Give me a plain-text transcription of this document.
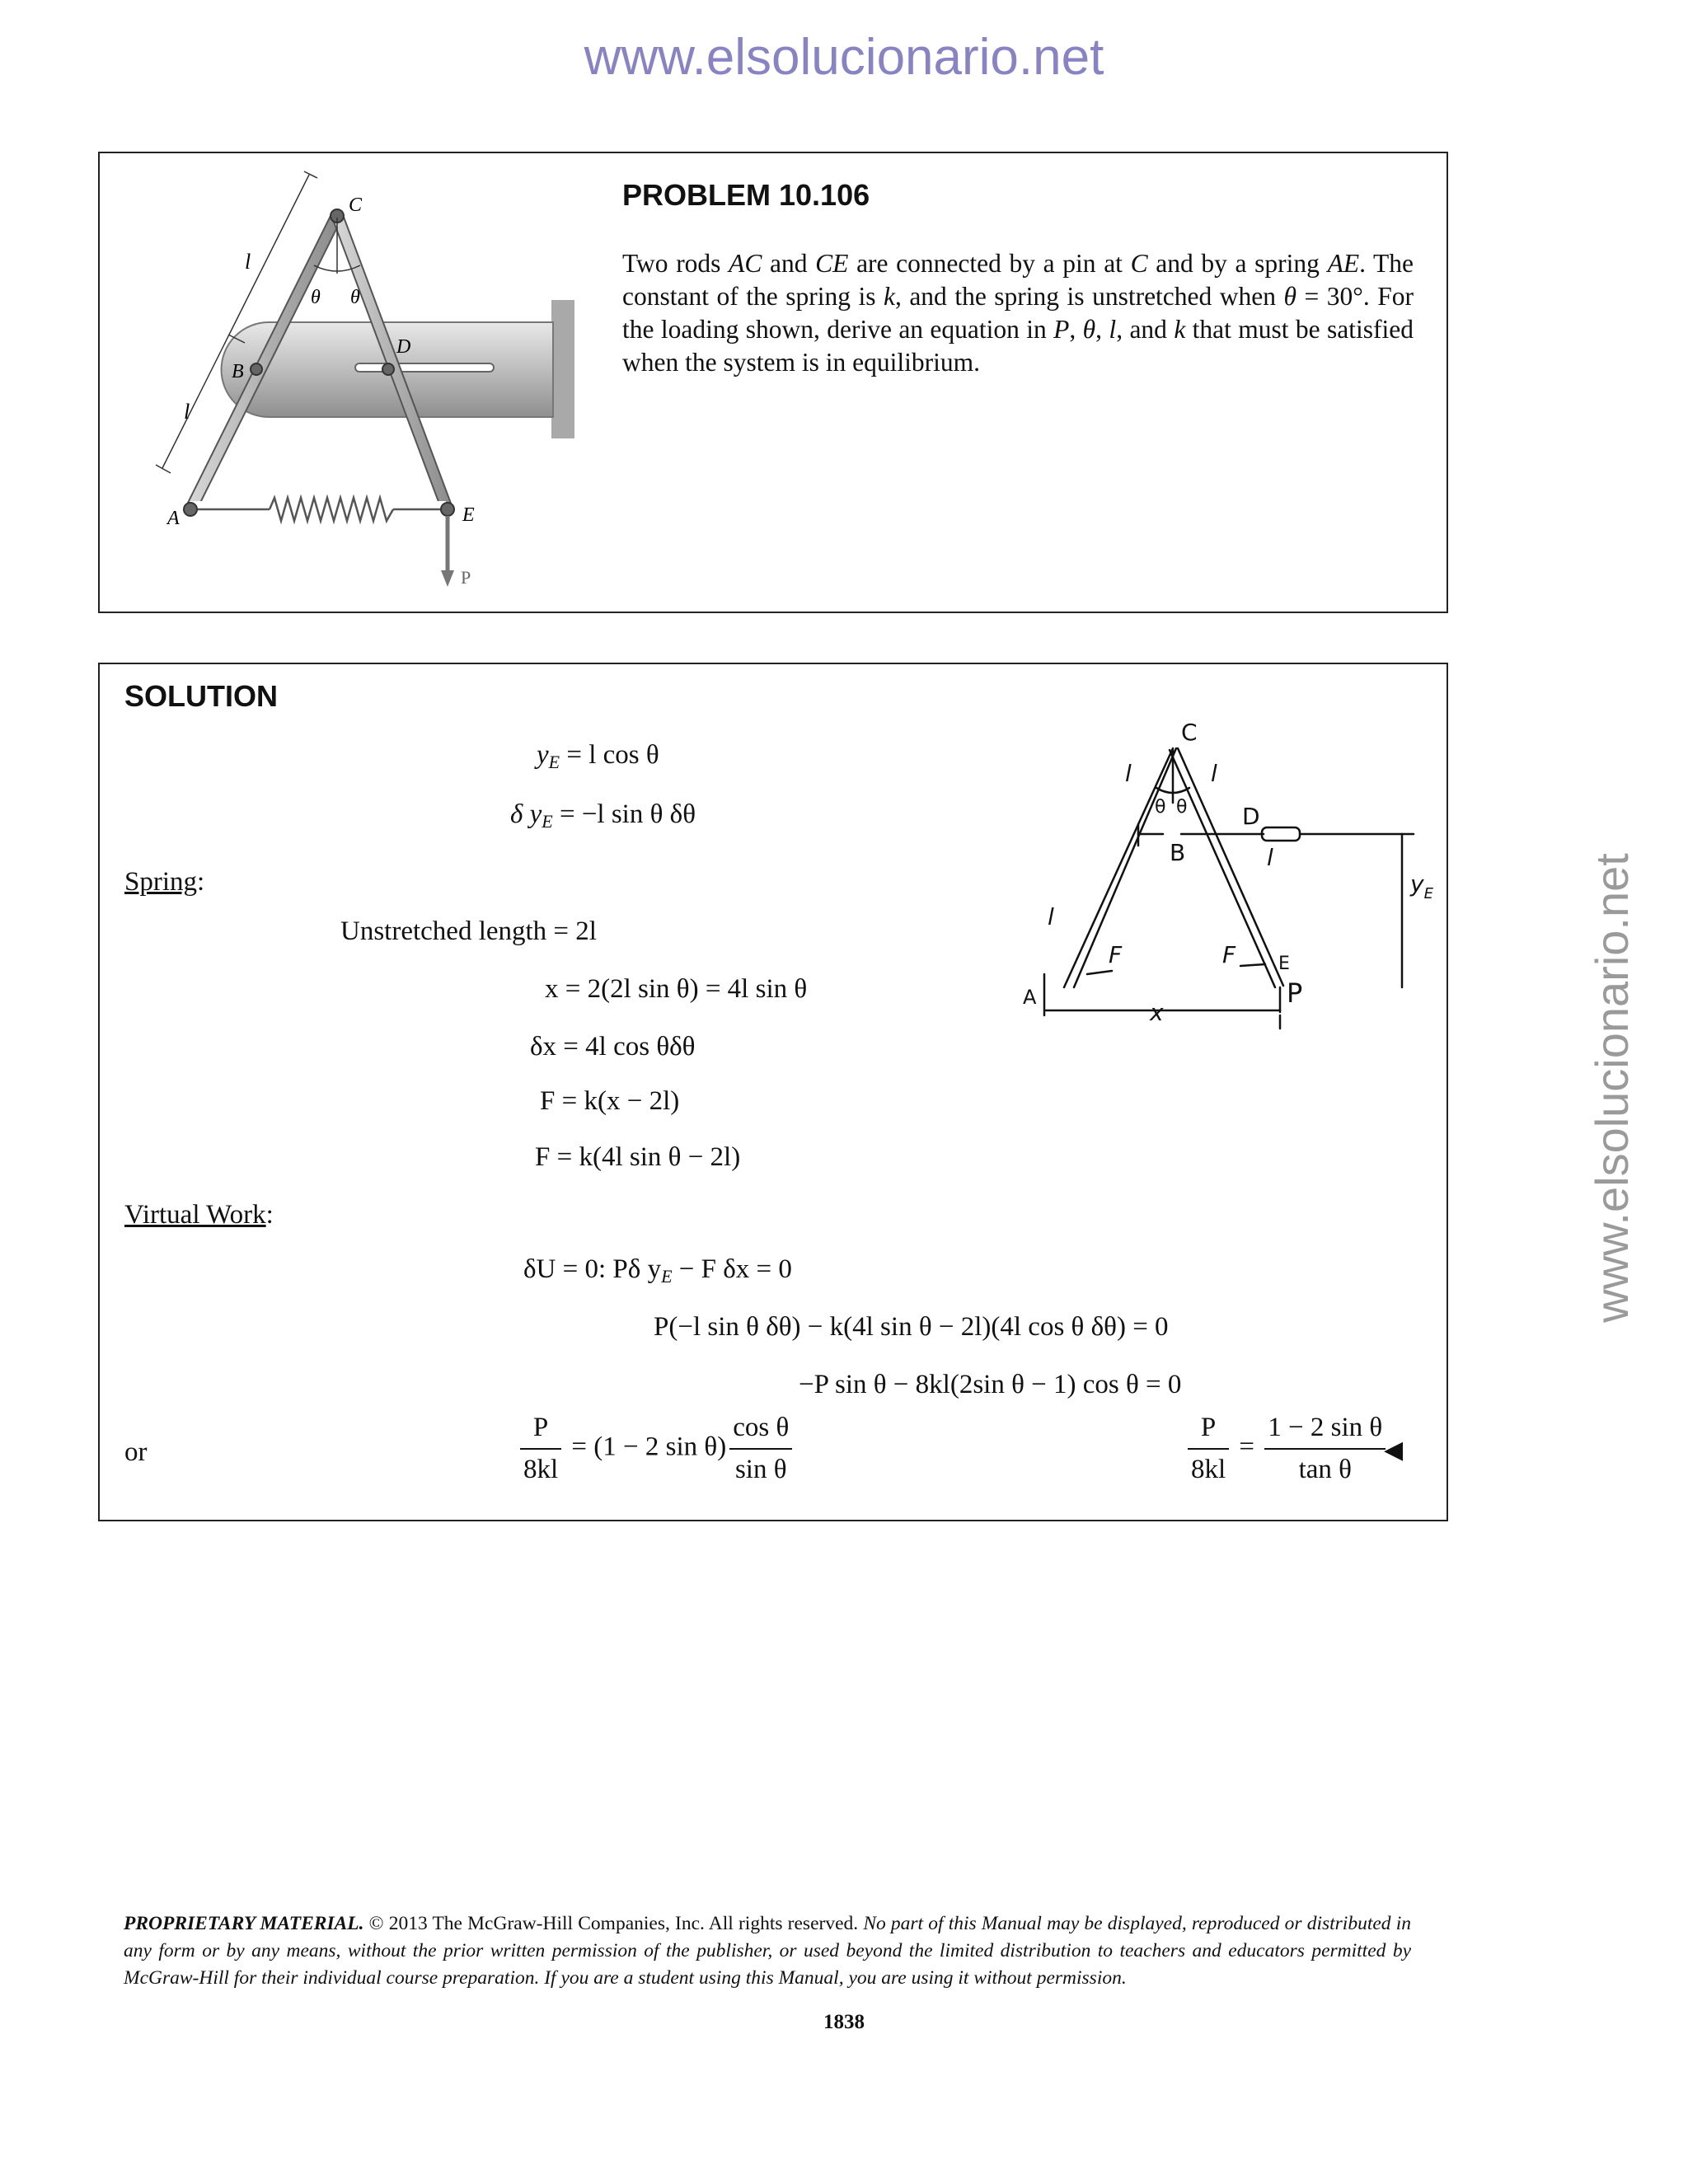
www.elsolucionario.net
www.elsolucionario.net
C
l
θ θ
B
D
l
A	E
P
PROBLEM 10.106
Two rods AC and CE are connected by a pin at C and by a spring AE. The constant of the spring is k, and the spring is unstretched when θ = 30°. For the loading shown, derive an equation in P, θ, l, and k that must be satisfied when the system is in equilibrium.
SOLUTION
$y_E = l$ cos θ
δ $y_E = -l$ sin θ δθ
Spring:
Unstretched length = 2l
x = 2(2l sin θ) = 4l sin θ
δx = 4l cos θδθ
F = k(x − 2l)
F = k(4l sin θ − 2l)
Virtual Work:
δU = 0: Pδ $y_E - F$ δx = 0
P(−l sin θ δθ) − k(4l sin θ − 2l)(4l cos θ δθ) = 0
−P sin θ − 8kl(2sin θ − 1) cos θ = 0
or	$\frac{P}{8kl} = (1 - 2$ $\sin \theta) \frac{\text{cos θ}}{\text{sin θ}}$	$\frac{P}{8kl} = \frac{\text{1 − 2 sin θ}}{\text{tan θ}}$
◀
C
l	l
θ θ D
B	l
$y_E$
l
F	F E
A	P
x
PROPRIETARY MATERIAL. © 2013 The McGraw-Hill Companies, Inc. All rights reserved. No part of this Manual may be displayed, reproduced or distributed in any form or by any means, without the prior written permission of the publisher, or used beyond the limited distribution to teachers and educators permitted by McGraw-Hill for their individual course preparation. If you are a student using this Manual, you are using it without permission.
1838
